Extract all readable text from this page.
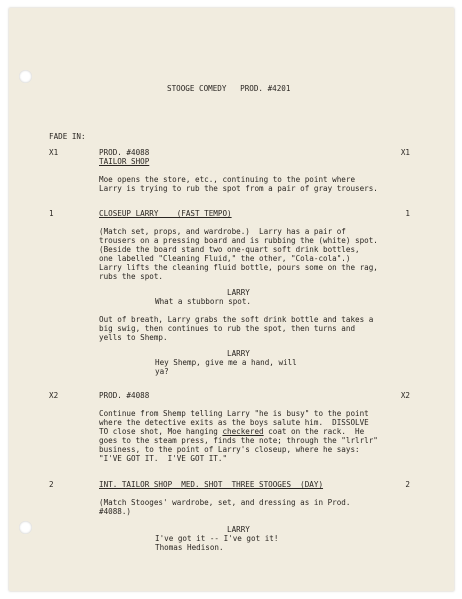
STOOGE COMEDY   PROD. #4201
FADE IN:
X1	PROD. #4088	X1
TAILOR SHOP
Moe opens the store, etc., continuing to the point where
Larry is trying to rub the spot from a pair of gray trousers.
1	CLOSEUP LARRY    (FAST TEMPO)	1
(Match set, props, and wardrobe.)  Larry has a pair of
trousers on a pressing board and is rubbing the (white) spot.
(Beside the board stand two one-quart soft drink bottles,
one labelled "Cleaning Fluid," the other, "Cola-cola".)
Larry lifts the cleaning fluid bottle, pours some on the rag,
rubs the spot.
LARRY
What a stubborn spot.
Out of breath, Larry grabs the soft drink bottle and takes a
big swig, then continues to rub the spot, then turns and
yells to Shemp.
LARRY
Hey Shemp, give me a hand, will
ya?
X2	PROD. #4088	X2
Continue from Shemp telling Larry "he is busy" to the point
where the detective exits as the boys salute him.  DISSOLVE
TO close shot, Moe hanging checkered coat on the rack.  He
goes to the steam press, finds the note; through the "lrlrlr"
business, to the point of Larry's closeup, where he says:
"I'VE GOT IT.  I'VE GOT IT."
2	INT. TAILOR SHOP  MED. SHOT  THREE STOOGES  (DAY)	2
(Match Stooges' wardrobe, set, and dressing as in Prod.
#4088.)
LARRY
I've got it -- I've got it!
Thomas Hedison.
